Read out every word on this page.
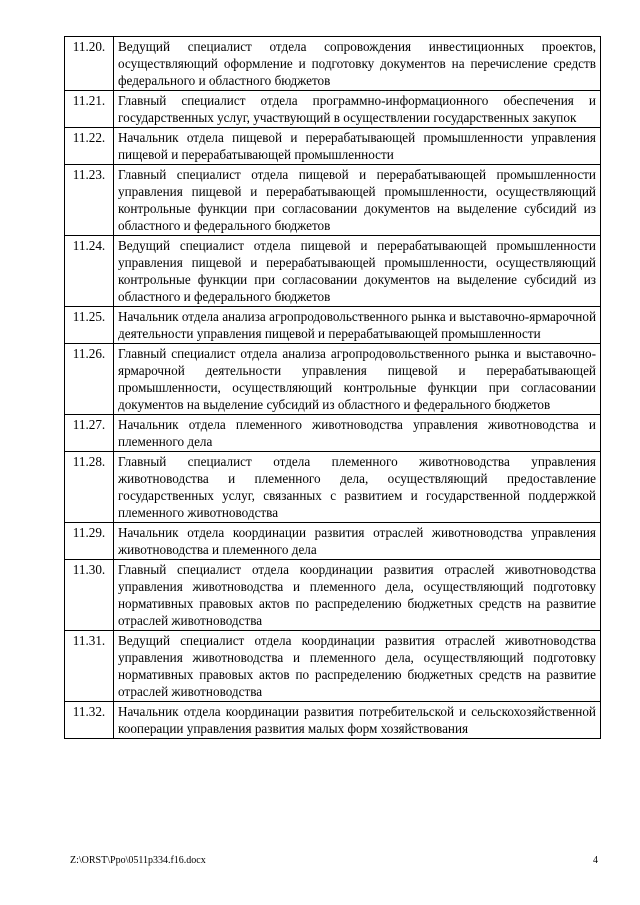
11.20.	Ведущий специалист отдела сопровождения инвестиционных проектов, осуществляющий оформление и подготовку документов на перечисление средств федерального и областного бюджетов
11.21.	Главный специалист отдела программно-информационного обеспечения и государственных услуг, участвующий в осуществлении государственных закупок
11.22.	Начальник отдела пищевой и перерабатывающей промышленности управления пищевой и перерабатывающей промышленности
11.23.	Главный специалист отдела пищевой и перерабатывающей промышленности управления пищевой и перерабатывающей промышленности, осуществляющий контрольные функции при согласовании документов на выделение субсидий из областного и федерального бюджетов
11.24.	Ведущий специалист отдела пищевой и перерабатывающей промышленности управления пищевой и перерабатывающей промышленности, осуществляющий контрольные функции при согласовании документов на выделение субсидий из областного и федерального бюджетов
11.25.	Начальник отдела анализа агропродовольственного рынка и выставочно-ярмарочной деятельности управления пищевой и перерабатывающей промышленности
11.26.	Главный специалист отдела анализа агропродовольственного рынка и выставочно-ярмарочной деятельности управления пищевой и перерабатывающей промышленности, осуществляющий контрольные функции при согласовании документов на выделение субсидий из областного и федерального бюджетов
11.27.	Начальник отдела племенного животноводства управления животноводства и племенного дела
11.28.	Главный специалист отдела племенного животноводства управления животноводства и племенного дела, осуществляющий предоставление государственных услуг, связанных с развитием и государственной поддержкой племенного животноводства
11.29.	Начальник отдела координации развития отраслей животноводства управления животноводства и племенного дела
11.30.	Главный специалист отдела координации развития отраслей животноводства управления животноводства и племенного дела, осуществляющий подготовку нормативных правовых актов по распределению бюджетных средств на развитие отраслей животноводства
11.31.	Ведущий специалист отдела координации развития отраслей животноводства управления животноводства и племенного дела, осуществляющий подготовку нормативных правовых актов по распределению бюджетных средств на развитие отраслей животноводства
11.32.	Начальник отдела координации развития потребительской и сельскохозяйственной кооперации управления развития малых форм хозяйствования
Z:\ORST\Ppo\0511p334.f16.docx	4
